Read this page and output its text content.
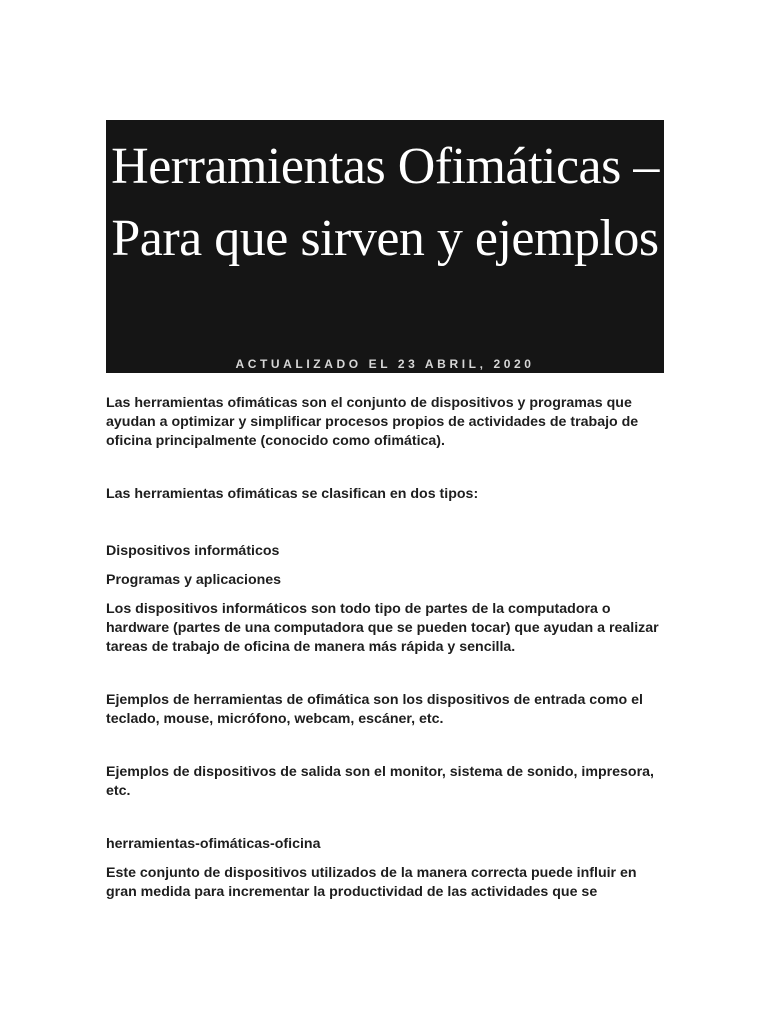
Herramientas Ofimáticas – Para que sirven y ejemplos
ACTUALIZADO EL 23 ABRIL, 2020

Las herramientas ofimáticas son el conjunto de dispositivos y programas que ayudan a optimizar y simplificar procesos propios de actividades de trabajo de oficina principalmente (conocido como ofimática).

Las herramientas ofimáticas se clasifican en dos tipos:

Dispositivos informáticos

Programas y aplicaciones

Los dispositivos informáticos son todo tipo de partes de la computadora o hardware (partes de una computadora que se pueden tocar) que ayudan a realizar tareas de trabajo de oficina de manera más rápida y sencilla.

Ejemplos de herramientas de ofimática son los dispositivos de entrada como el teclado, mouse, micrófono, webcam, escáner, etc.

Ejemplos de dispositivos de salida son el monitor, sistema de sonido, impresora, etc.

herramientas-ofimáticas-oficina

Este conjunto de dispositivos utilizados de la manera correcta puede influir en gran medida para incrementar la productividad de las actividades que se
